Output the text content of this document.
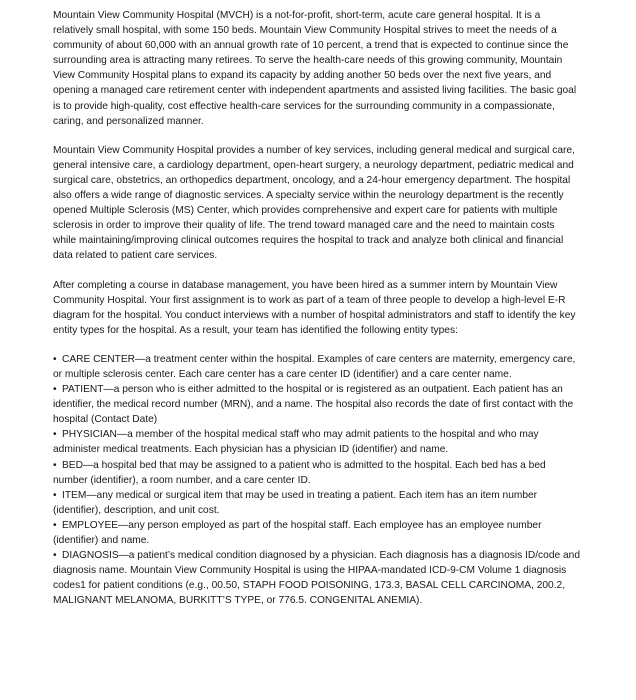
Mountain View Community Hospital (MVCH) is a not-for-profit, short-term, acute care general hospital. It is a relatively small hospital, with some 150 beds. Mountain View Community Hospital strives to meet the needs of a community of about 60,000 with an annual growth rate of 10 percent, a trend that is expected to continue since the surrounding area is attracting many retirees. To serve the health-care needs of this growing community, Mountain View Community Hospital plans to expand its capacity by adding another 50 beds over the next five years, and opening a managed care retirement center with independent apartments and assisted living facilities. The basic goal is to provide high-quality, cost effective health-care services for the surrounding community in a compassionate, caring, and personalized manner.

Mountain View Community Hospital provides a number of key services, including general medical and surgical care, general intensive care, a cardiology department, open-heart surgery, a neurology department, pediatric medical and surgical care, obstetrics, an orthopedics department, oncology, and a 24-hour emergency department. The hospital also offers a wide range of diagnostic services. A specialty service within the neurology department is the recently opened Multiple Sclerosis (MS) Center, which provides comprehensive and expert care for patients with multiple sclerosis in order to improve their quality of life. The trend toward managed care and the need to maintain costs while maintaining/improving clinical outcomes requires the hospital to track and analyze both clinical and financial data related to patient care services.

After completing a course in database management, you have been hired as a summer intern by Mountain View Community Hospital. Your first assignment is to work as part of a team of three people to develop a high-level E-R diagram for the hospital. You conduct interviews with a number of hospital administrators and staff to identify the key entity types for the hospital. As a result, your team has identified the following entity types:

• CARE CENTER—a treatment center within the hospital. Examples of care centers are maternity, emergency care, or multiple sclerosis center. Each care center has a care center ID (identifier) and a care center name.
• PATIENT—a person who is either admitted to the hospital or is registered as an outpatient. Each patient has an identifier, the medical record number (MRN), and a name. The hospital also records the date of first contact with the hospital (Contact Date)
• PHYSICIAN—a member of the hospital medical staff who may admit patients to the hospital and who may administer medical treatments. Each physician has a physician ID (identifier) and name.
• BED—a hospital bed that may be assigned to a patient who is admitted to the hospital. Each bed has a bed number (identifier), a room number, and a care center ID.
• ITEM—any medical or surgical item that may be used in treating a patient. Each item has an item number (identifier), description, and unit cost.
• EMPLOYEE—any person employed as part of the hospital staff. Each employee has an employee number (identifier) and name.
• DIAGNOSIS—a patient’s medical condition diagnosed by a physician. Each diagnosis has a diagnosis ID/code and diagnosis name. Mountain View Community Hospital is using the HIPAA-mandated ICD-9-CM Volume 1 diagnosis codes1 for patient conditions (e.g., 00.50, STAPH FOOD POISONING, 173.3, BASAL CELL CARCINOMA, 200.2, MALIGNANT MELANOMA, BURKITT’S TYPE, or 776.5. CONGENITAL ANEMIA).
